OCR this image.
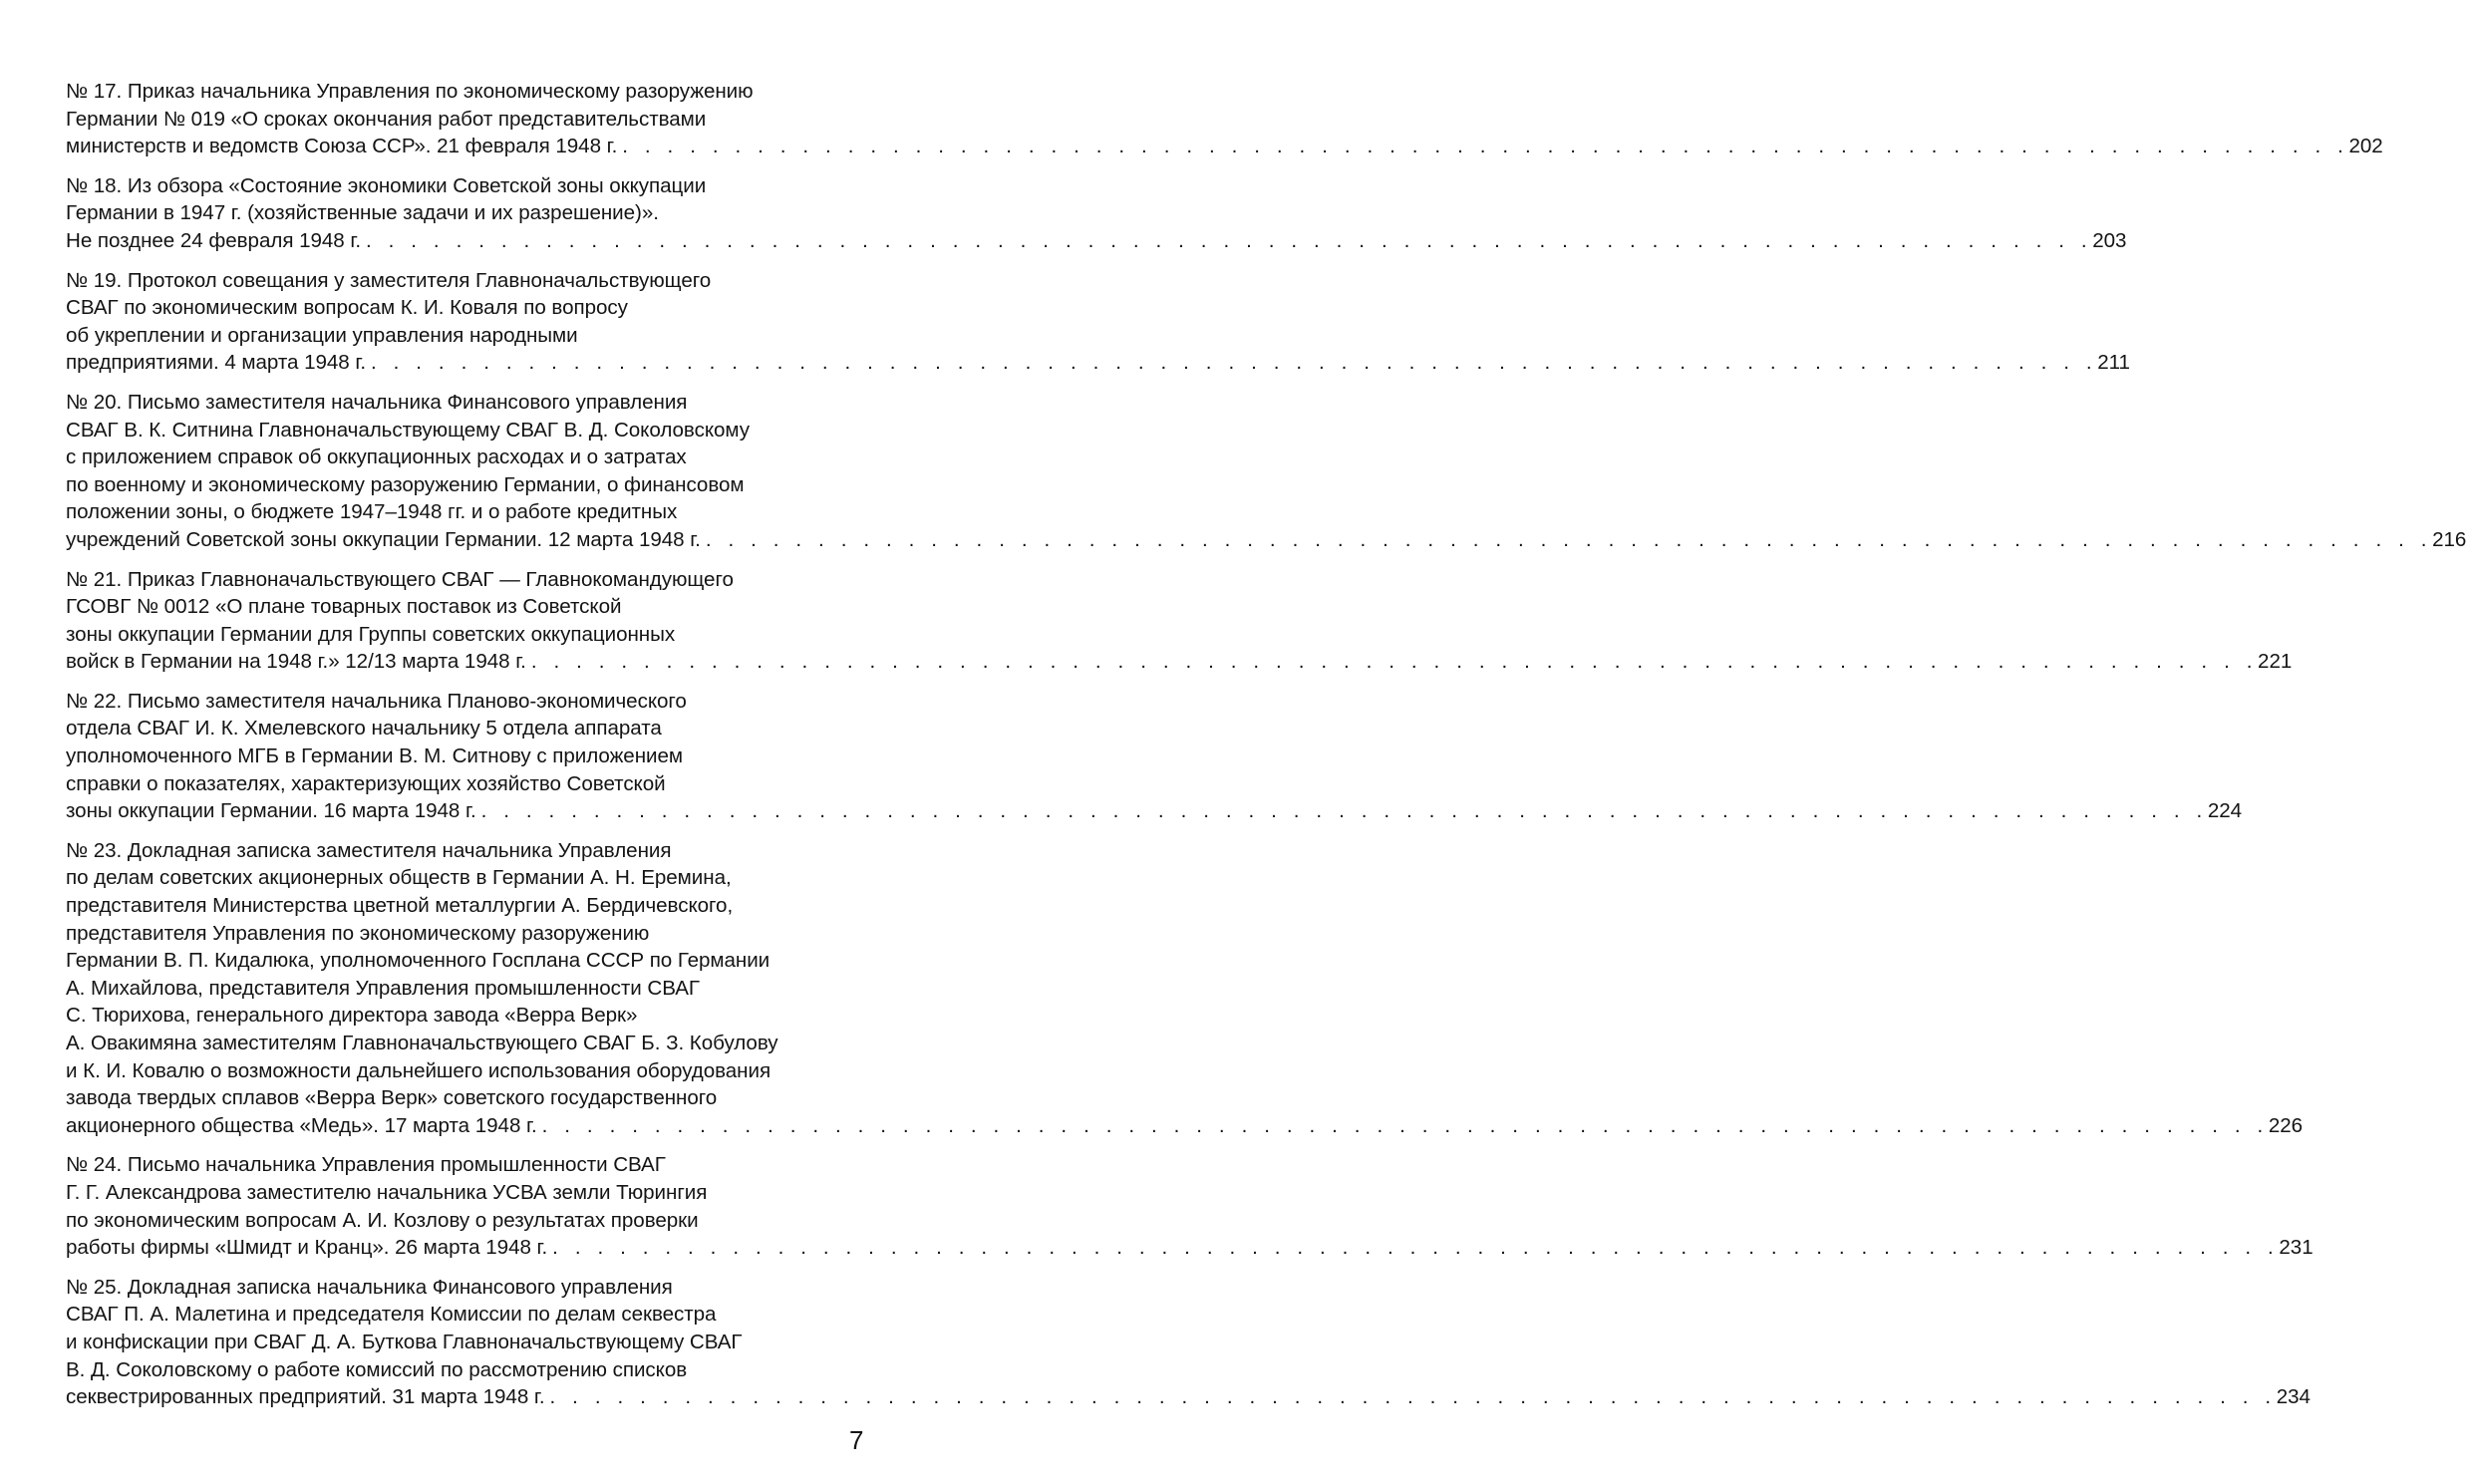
№ 17. Приказ начальника Управления по экономическому разоружению
Германии № 019 «О сроках окончания работ представительствами
министерств и ведомств Союза ССР». 21 февраля 1948 г. . . . . . . . . . . . . . . . . . . . . . . . . . . . . . . . . . . . . . . . . . . . . . . . . . . . . . . . . . . . . . . . . . . . . . . . . . . . . . 202
№ 18. Из обзора «Состояние экономики Советской зоны оккупации
Германии в 1947 г. (хозяйственные задачи и их разрешение)».
Не позднее 24 февраля 1948 г. . . . . . . . . . . . . . . . . . . . . . . . . . . . . . . . . . . . . . . . . . . . . . . . . . . . . . . . . . . . . . . . . . . . . . . . . . . . . . 203
№ 19. Протокол совещания у заместителя Главноначальствующего
СВАГ по экономическим вопросам К. И. Коваля по вопросу
об укреплении и организации управления народными
предприятиями. 4 марта 1948 г. . . . . . . . . . . . . . . . . . . . . . . . . . . . . . . . . . . . . . . . . . . . . . . . . . . . . . . . . . . . . . . . . . . . . . . . . . . . . . 211
№ 20. Письмо заместителя начальника Финансового управления
СВАГ В. К. Ситнина Главноначальствующему СВАГ В. Д. Соколовскому
с приложением справок об оккупационных расходах и о затратах
по военному и экономическому разоружению Германии, о финансовом
положении зоны, о бюджете 1947–1948 гг. и о работе кредитных
учреждений Советской зоны оккупации Германии. 12 марта 1948 г. . . . . . . . . . . . . . . . . . . . . . . . . . . . . . . . . . . . . . . . . . . . . . . . . . . . . . . . . . . . . . . . . . . . . . . . . . . . . . 216
№ 21. Приказ Главноначальствующего СВАГ — Главнокомандующего
ГСОВГ № 0012 «О плане товарных поставок из Советской
зоны оккупации Германии для Группы советских оккупационных
войск в Германии на 1948 г.» 12/13 марта 1948 г. . . . . . . . . . . . . . . . . . . . . . . . . . . . . . . . . . . . . . . . . . . . . . . . . . . . . . . . . . . . . . . . . . . . . . . . . . . . . . 221
№ 22. Письмо заместителя начальника Планово-экономического
отдела СВАГ И. К. Хмелевского начальнику 5 отдела аппарата
уполномоченного МГБ в Германии В. М. Ситнову с приложением
справки о показателях, характеризующих хозяйство Советской
зоны оккупации Германии. 16 марта 1948 г. . . . . . . . . . . . . . . . . . . . . . . . . . . . . . . . . . . . . . . . . . . . . . . . . . . . . . . . . . . . . . . . . . . . . . . . . . . . . . 224
№ 23. Докладная записка заместителя начальника Управления
по делам советских акционерных обществ в Германии А. Н. Еремина,
представителя Министерства цветной металлургии А. Бердичевского,
представителя Управления по экономическому разоружению
Германии В. П. Кидалюка, уполномоченного Госплана СССР по Германии
А. Михайлова, представителя Управления промышленности СВАГ
С. Тюрихова, генерального директора завода «Верра Верк»
А. Овакимяна заместителям Главноначальствующего СВАГ Б. З. Кобулову
и К. И. Ковалю о возможности дальнейшего использования оборудования
завода твердых сплавов «Верра Верк» советского государственного
акционерного общества «Медь». 17 марта 1948 г. . . . . . . . . . . . . . . . . . . . . . . . . . . . . . . . . . . . . . . . . . . . . . . . . . . . . . . . . . . . . . . . . . . . . . . . . . . . . . 226
№ 24. Письмо начальника Управления промышленности СВАГ
Г. Г. Александрова заместителю начальника УСВА земли Тюрингия
по экономическим вопросам А. И. Козлову о результатах проверки
работы фирмы «Шмидт и Кранц». 26 марта 1948 г. . . . . . . . . . . . . . . . . . . . . . . . . . . . . . . . . . . . . . . . . . . . . . . . . . . . . . . . . . . . . . . . . . . . . . . . . . . . . . 231
№ 25. Докладная записка начальника Финансового управления
СВАГ П. А. Малетина и председателя Комиссии по делам секвестра
и конфискации при СВАГ Д. А. Буткова Главноначальствующему СВАГ
В. Д. Соколовскому о работе комиссий по рассмотрению списков
секвестрированных предприятий. 31 марта 1948 г. . . . . . . . . . . . . . . . . . . . . . . . . . . . . . . . . . . . . . . . . . . . . . . . . . . . . . . . . . . . . . . . . . . . . . . . . . . . . . 234
7
